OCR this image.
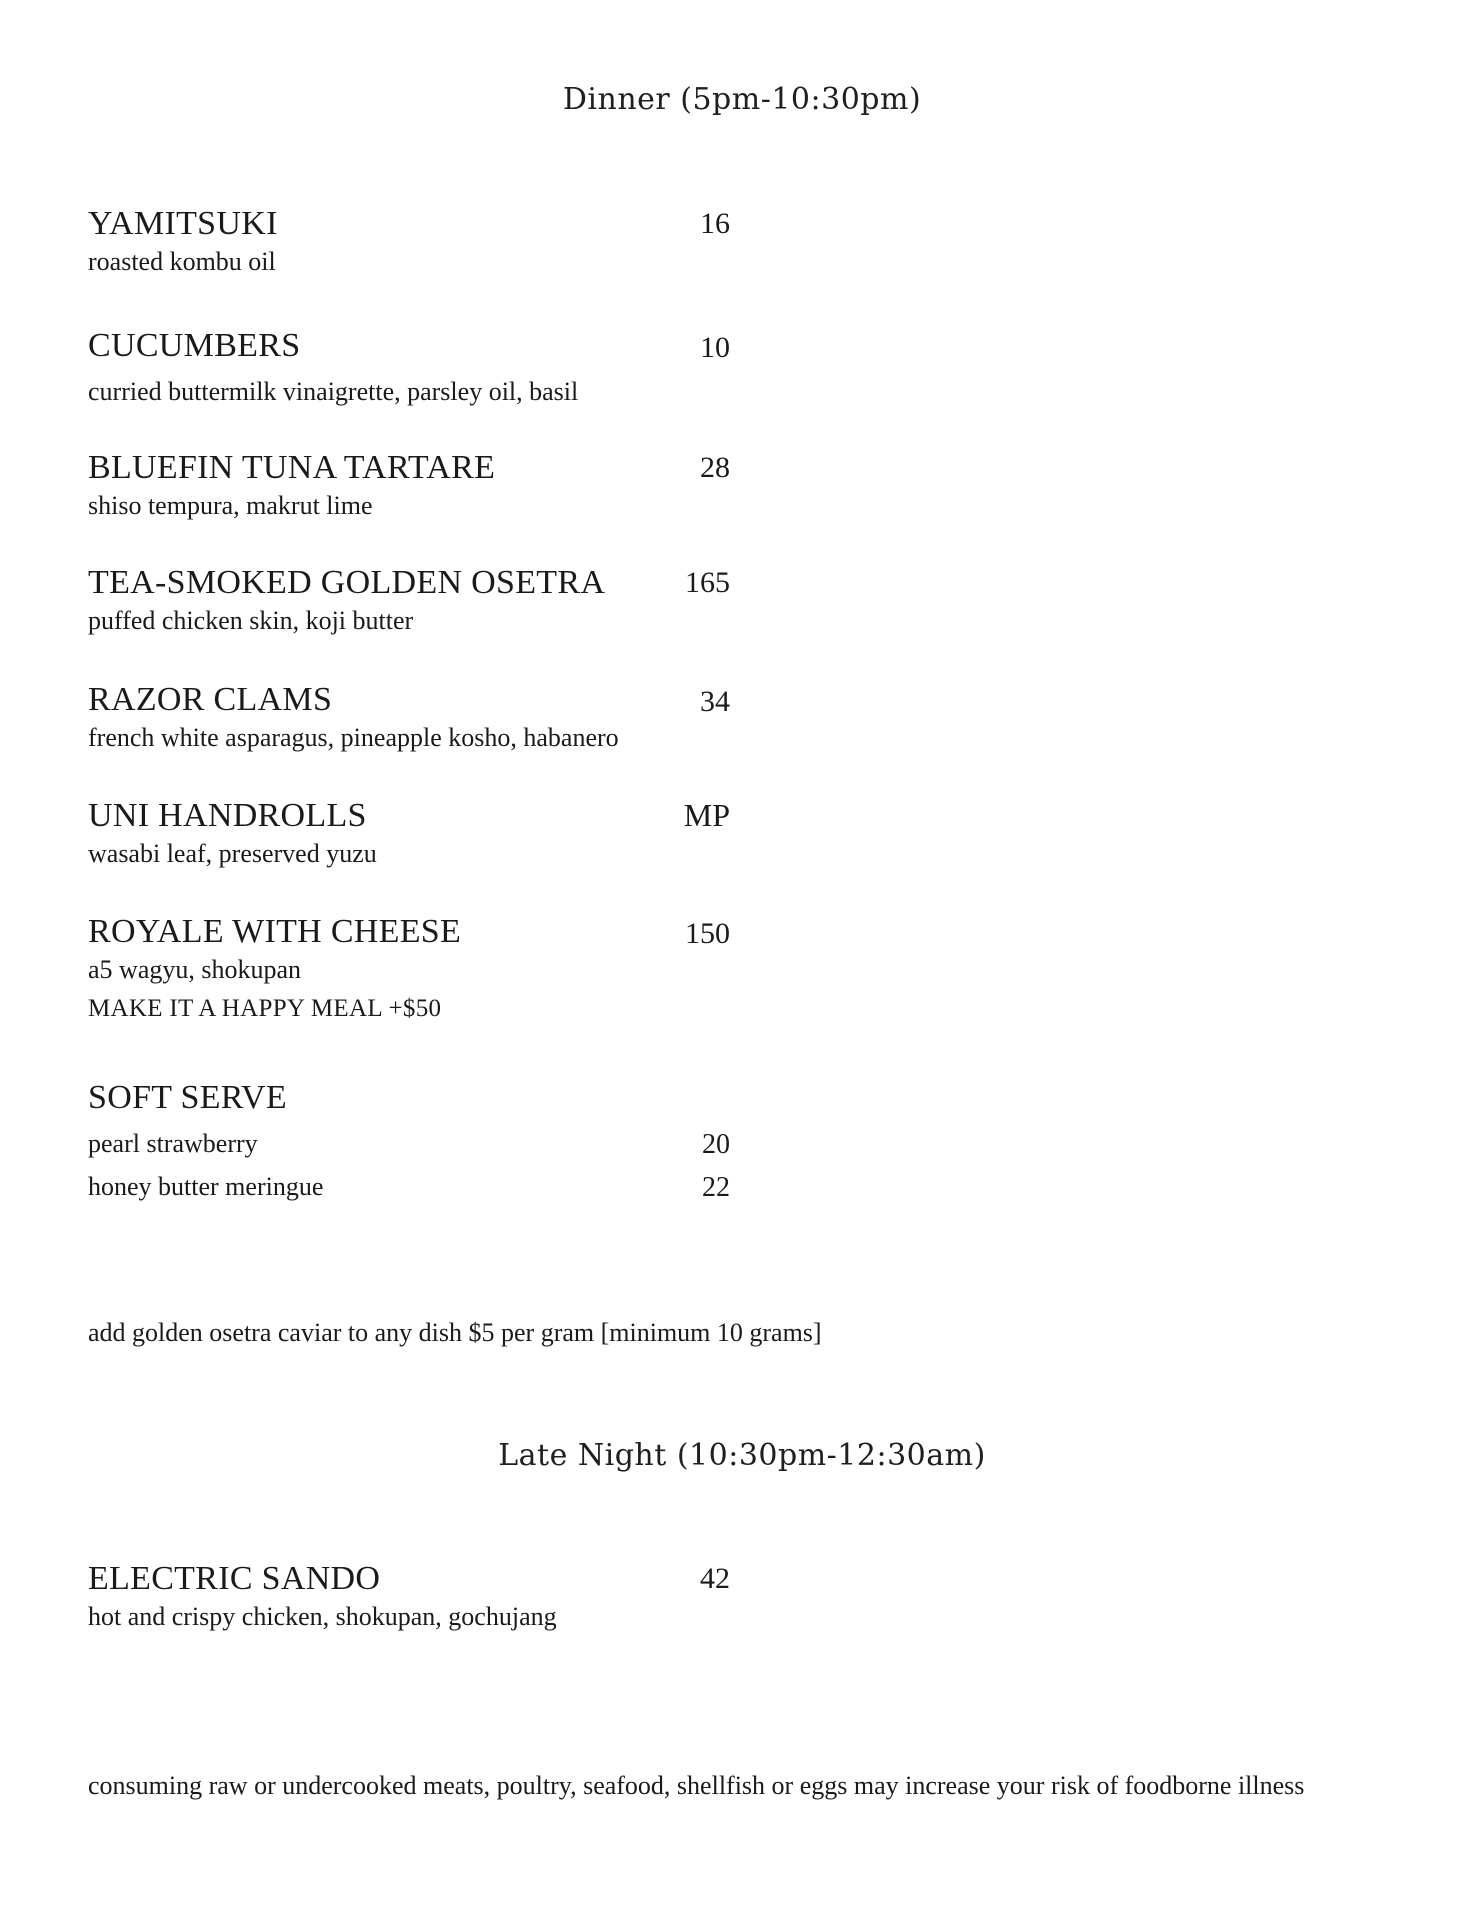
Dinner (5pm-10:30pm)
YAMITSUKI	16
roasted kombu oil
CUCUMBERS	10
curried buttermilk vinaigrette, parsley oil, basil
BLUEFIN TUNA TARTARE	28
shiso tempura, makrut lime
TEA-SMOKED GOLDEN OSETRA	165
puffed chicken skin, koji butter
RAZOR CLAMS	34
french white asparagus, pineapple kosho, habanero
UNI HANDROLLS	MP
wasabi leaf, preserved yuzu
ROYALE WITH CHEESE	150
a5 wagyu, shokupan
MAKE IT A HAPPY MEAL +$50
SOFT SERVE
pearl strawberry	20
honey butter meringue	22
add golden osetra caviar to any dish $5 per gram [minimum 10 grams]
Late Night (10:30pm-12:30am)
ELECTRIC SANDO	42
hot and crispy chicken, shokupan, gochujang
consuming raw or undercooked meats, poultry, seafood, shellfish or eggs may increase your risk of foodborne illness
